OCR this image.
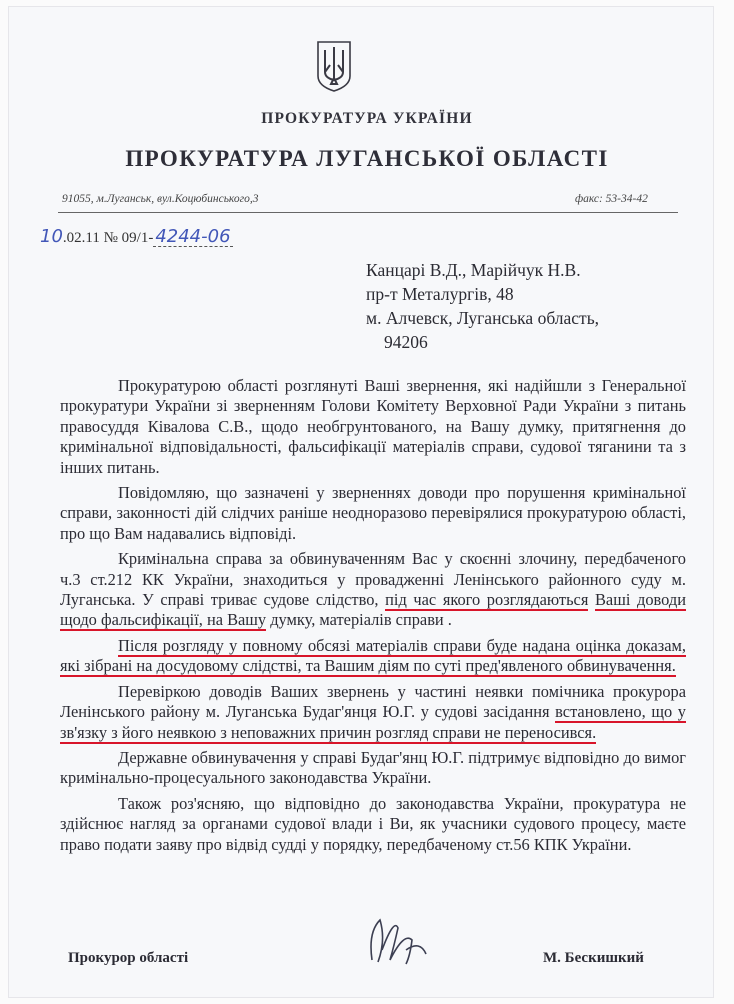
ПРОКУРАТУРА УКРАЇНИ
ПРОКУРАТУРА ЛУГАНСЬКОЇ ОБЛАСТІ
91055, м.Луганськ, вул.Коцюбинського,3	факс: 53-34-42
10.02.11 № 09/1- 4244-06
Канцарі В.Д., Марійчук Н.В.
пр-т Металургів, 48
м. Алчевск, Луганська область,
94206

Прокуратурою області розглянуті Ваші звернення, які надійшли з Генеральної прокуратури України зі зверненням Голови Комітету Верховної Ради України з питань правосуддя Ківалова С.В., щодо необгрунтованого, на Вашу думку, притягнення до кримінальної відповідальності, фальсифікації матеріалів справи, судової тяганини та з інших питань.

Повідомляю, що зазначені у зверненнях доводи про порушення кримінальної справи, законності дій слідчих раніше неодноразово перевірялися прокуратурою області, про що Вам надавались відповіді.

Кримінальна справа за обвинуваченням Вас у скоєнні злочину, передбаченого ч.3 ст.212 КК України, знаходиться у провадженні Ленінського районного суду м. Луганська. У справі триває судове слідство, під час якого розглядаються Ваші доводи щодо фальсифікації, на Вашу думку, матеріалів справи .

Після розгляду у повному обсязі матеріалів справи буде надана оцінка доказам, які зібрані на досудовому слідстві, та Вашим діям по суті пред'явленого обвинувачення.

Перевіркою доводів Ваших звернень у частині неявки помічника прокурора Ленінського району м. Луганська Будаг'янця Ю.Г. у судові засідання встановлено, що у зв'язку з його неявкою з неповажних причин розгляд справи не переносився.

Державне обвинувачення у справі Будаг'янц Ю.Г. підтримує відповідно до вимог кримінально-процесуального законодавства України.

Також роз'ясняю, що відповідно до законодавства України, прокуратура не здійснює нагляд за органами судової влади і Ви, як учасники судового процесу, маєте право подати заяву про відвід судді у порядку, передбаченому ст.56 КПК України.

Прокурор області	М. Бескишкий
